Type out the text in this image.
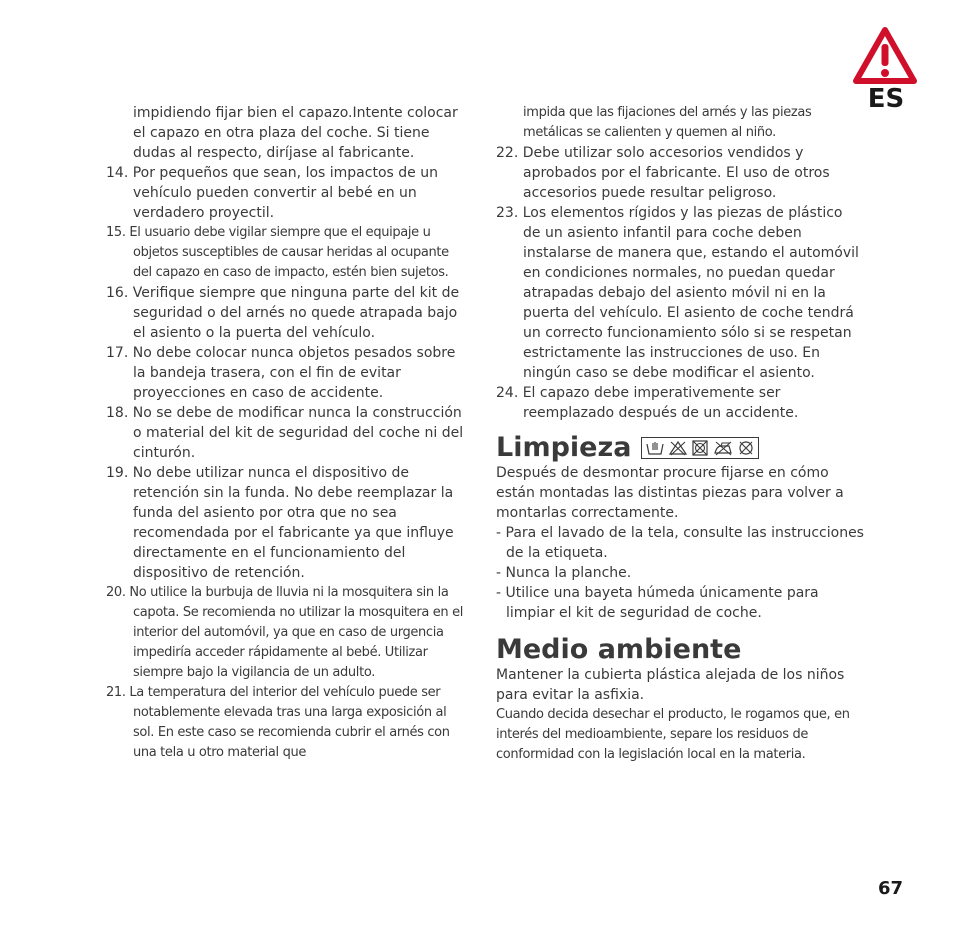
ES

impidiendo fijar bien el capazo.Intente colocar el capazo en otra plaza del coche. Si tiene dudas al respecto, diríjase al fabricante.

14. Por pequeños que sean, los impactos de un vehículo pueden convertir al bebé en un verdadero proyectil.

15. El usuario debe vigilar siempre que el equipaje u objetos susceptibles de causar heridas al ocupante del capazo en caso de impacto, estén bien sujetos.

16. Verifique siempre que ninguna parte del kit de seguridad o del arnés no quede atrapada bajo el asiento o la puerta del vehículo.

17. No debe colocar nunca objetos pesados sobre la bandeja trasera, con el fin de evitar proyecciones en caso de accidente.

18. No se debe de modificar nunca la construcción o material del kit de seguridad del coche ni del cinturón.

19. No debe utilizar nunca el dispositivo de retención sin la funda. No debe reemplazar la funda del asiento por otra que no sea recomendada por el fabricante ya que influye directamente en el funcionamiento del dispositivo de retención.

20. No utilice la burbuja de lluvia ni la mosquitera sin la capota. Se recomienda no utilizar la mosquitera en el interior del automóvil, ya que en caso de urgencia impediría acceder rápidamente al bebé. Utilizar siempre bajo la vigilancia de un adulto.

21. La temperatura del interior del vehículo puede ser notablemente elevada tras una larga exposición al sol. En este caso se recomienda cubrir el arnés con una tela u otro material que

impida que las fijaciones del arnés y las piezas metálicas se calienten y quemen al niño.

22. Debe utilizar solo accesorios vendidos y aprobados por el fabricante. El uso de otros accesorios puede resultar peligroso.

23. Los elementos rígidos y las piezas de plástico de un asiento infantil para coche deben instalarse de manera que, estando el automóvil en condiciones normales, no puedan quedar atrapadas debajo del asiento móvil ni en la puerta del vehículo. El asiento de coche tendrá un correcto funcionamiento sólo si se respetan estrictamente las instrucciones de uso. En ningún caso se debe modificar el asiento.

24. El capazo debe imperativemente ser reemplazado después de un accidente.

Limpieza

Después de desmontar procure fijarse en cómo están montadas las distintas piezas para volver a montarlas correctamente.

- Para el lavado de la tela, consulte las instrucciones de la etiqueta.

- Nunca la planche.

- Utilice una bayeta húmeda únicamente para limpiar el kit de seguridad de coche.

Medio ambiente

Mantener la cubierta plástica alejada de los niños para evitar la asfixia.

Cuando decida desechar el producto, le rogamos que, en interés del medioambiente, separe los residuos de conformidad con la legislación local en la materia.

67
